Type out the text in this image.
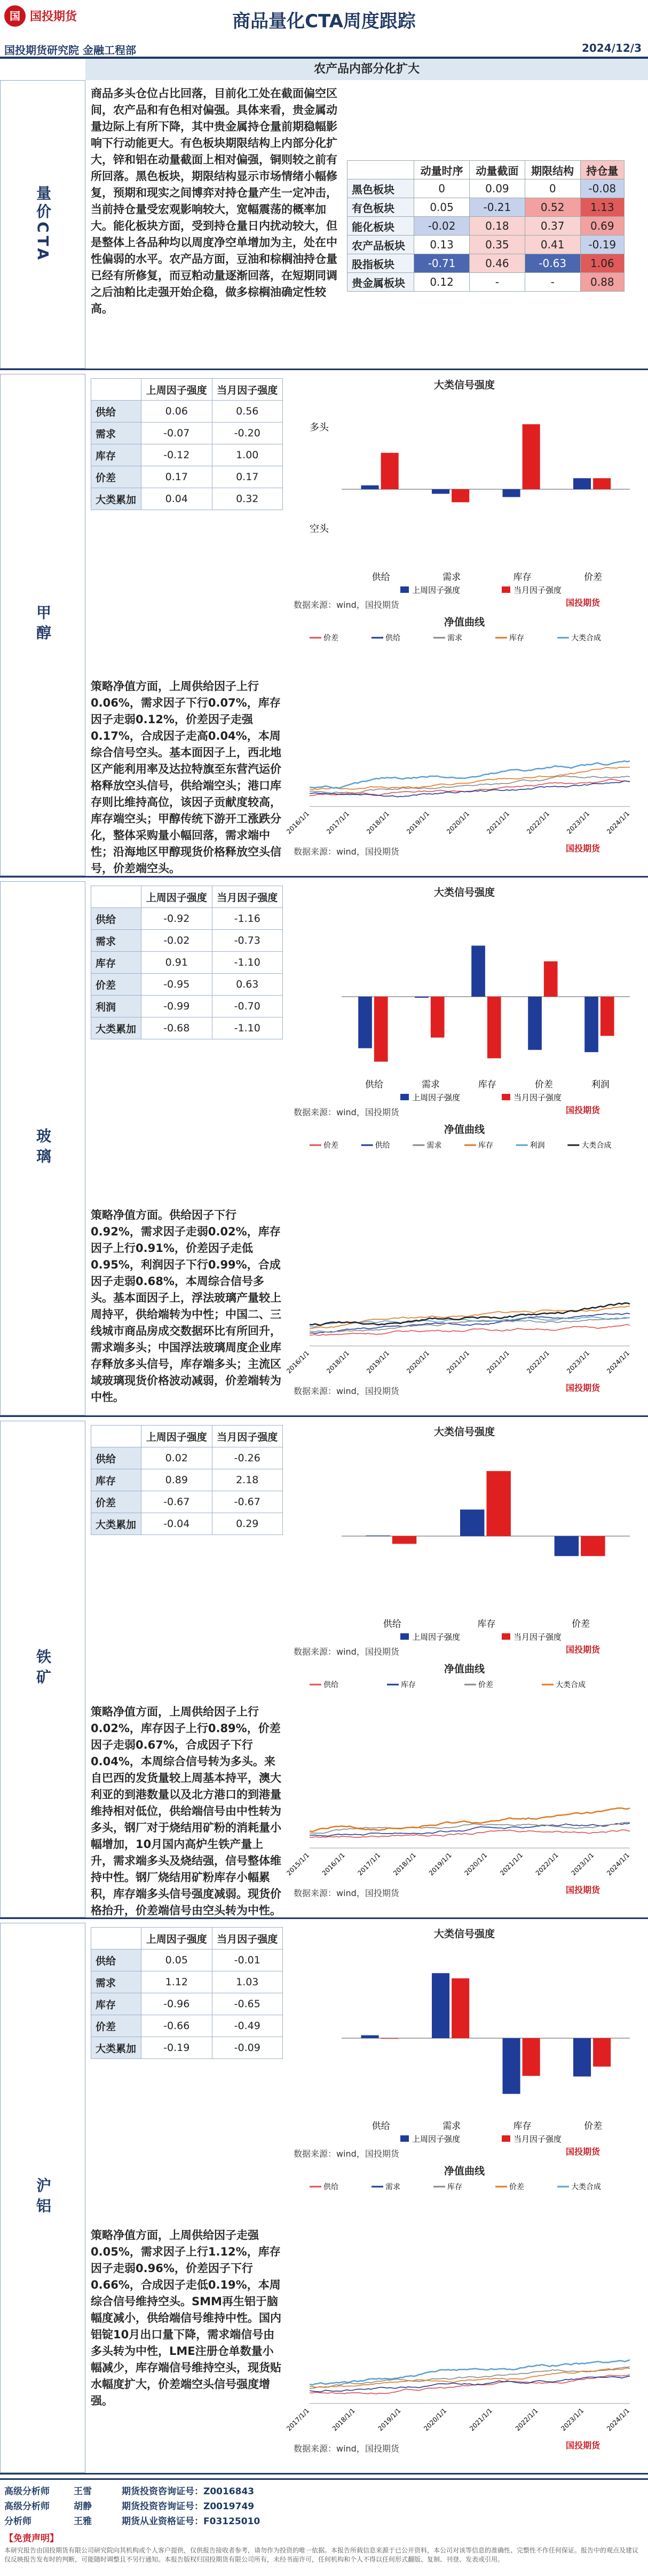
国 国投期货	商品量化CTA周度跟踪
国投期货研究院 金融工程部	2024/12/3
农产品内部分化扩大
量价CTA
商品多头仓位占比回落，目前化工处在截面偏空区间，农产品和有色相对偏强。具体来看，贵金属动量边际上有所下降，其中贵金属持仓量前期稳幅影响下行动能更大。有色板块期限结构上内部分化扩大，锌和铝在动量截面上相对偏强，铜则较之前有所回落。黑色板块，期限结构显示市场情绪小幅修复，预期和现实之间博弈对持仓量产生一定冲击，当前持仓量受宏观影响较大，宽幅震荡的概率加大。能化板块方面，受到持仓量日内扰动较大，但是整体上各品种均以周度净空单增加为主，处在中性偏弱的水平。农产品方面，豆油和棕榈油持仓量已经有所修复，而豆粕动量逐渐回落，在短期同调之后油粕比走强开始企稳，做多棕榈油确定性较高。
	动量时序	动量截面	期限结构	持仓量
黑色板块	0	0.09	0	-0.08
有色板块	0.05	-0.21	0.52	1.13
能化板块	-0.02	0.18	0.37	0.69
农产品板块	0.13	0.35	0.41	-0.19
股指板块	-0.71	0.46	-0.63	1.06
贵金属板块	0.12	-	-	0.88
甲醇
	上周因子强度	当月因子强度
供给	0.06	0.56
需求	-0.07	-0.20
库存	-0.12	1.00
价差	0.17	0.17
大类累加	0.04	0.32
策略净值方面，上周供给因子上行0.06%，需求因子下行0.07%，库存因子走弱0.12%，价差因子走强0.17%，合成因子走高0.04%，本周综合信号空头。基本面因子上，西北地区产能利用率及达拉特旗至东营汽运价格释放空头信号，供给端空头；港口库存则比维持高位，该因子贡献度较高，库存端空头；甲醇传统下游开工涨跌分化，整体采购量小幅回落，需求端中性；沿海地区甲醇现货价格释放空头信号，价差端空头。
大类信号强度
多头
空头
供给	需求	库存	价差
上周因子强度	当月因子强度
数据来源：wind，国投期货	国投期货
净值曲线
价差	供给	需求	库存	大类合成
2016/1/1 2017/1/1 2018/1/1 2019/1/1 2020/1/1 2021/1/1 2022/1/1 2023/1/1 2024/1/1
数据来源：wind，国投期货	国投期货
玻璃
	上周因子强度	当月因子强度
供给	-0.92	-1.16
需求	-0.02	-0.73
库存	0.91	-1.10
价差	-0.95	0.63
利润	-0.99	-0.70
大类累加	-0.68	-1.10
策略净值方面。供给因子下行0.92%，需求因子走弱0.02%，库存因子上行0.91%，价差因子走低0.95%，利润因子下行0.99%，合成因子走弱0.68%，本周综合信号多头。基本面因子上，浮法玻璃产量较上周持平，供给端转为中性；中国二、三线城市商品房成交数据环比有所回升，需求端多头；中国浮法玻璃周度企业库存释放多头信号，库存端多头；主流区域玻璃现货价格波动减弱，价差端转为中性。
大类信号强度
供给	需求	库存	价差	利润
上周因子强度	当月因子强度
数据来源：wind，国投期货	国投期货
净值曲线
价差	供给	需求	库存	利润	大类合成
2016/1/1 2018/1/1 2019/1/1 2020/1/1 2021/1/1 2021/1/1 2022/1/1 2023/1/1 2024/1/1
数据来源：wind，国投期货	国投期货
铁矿
	上周因子强度	当月因子强度
供给	0.02	-0.26
库存	0.89	2.18
价差	-0.67	-0.67
大类累加	-0.04	0.29
策略净值方面，上周供给因子上行0.02%，库存因子上行0.89%，价差因子走弱0.67%，合成因子下行0.04%，本周综合信号转为多头。来自巴西的发货量较上周基本持平，澳大利亚的到港数量以及北方港口的到港量维持相对低位，供给端信号由中性转为多头，钢厂对于烧结用矿粉的消耗量小幅增加，10月国内高炉生铁产量上升，需求端多头及烧结强，信号整体维持中性。钢厂烧结用矿粉库存小幅累积，库存端多头信号强度减弱。现货价格抬升，价差端信号由空头转为中性。
大类信号强度
供给	库存	价差
上周因子强度	当月因子强度
数据来源：wind，国投期货	国投期货
净值曲线
供给	库存	价差	大类合成
2015/1/1 2016/1/1 2017/1/1 2018/1/1 2019/1/1 2020/1/1 2021/1/1 2022/1/1 2023/1/1 2024/1/1
数据来源：wind，国投期货	国投期货
沪铝
	上周因子强度	当月因子强度
供给	0.05	-0.01
需求	1.12	1.03
库存	-0.96	-0.65
价差	-0.66	-0.49
大类累加	-0.19	-0.09
策略净值方面，上周供给因子走强0.05%，需求因子上行1.12%，库存因子走弱0.96%，价差因子下行0.66%，合成因子走低0.19%，本周综合信号维持空头。SMM再生铝于脑幅度减小，供给端信号维持中性。国内铝锭10月出口量下降，需求端信号由多头转为中性，LME注册仓单数量小幅减少，库存端信号维持空头，现货贴水幅度扩大，价差端空头信号强度增强。
大类信号强度
供给	需求	库存	价差
上周因子强度	当月因子强度
数据来源：wind，国投期货	国投期货
净值曲线
供给	需求	库存	价差	大类合成
2017/1/1	2018/1/1	2019/1/1	2020/1/1	2021/1/1	2022/1/1	2023/1/1	2024/1/1
数据来源：wind，国投期货	国投期货
高级分析师	王雪	期货投资咨询证号：Z0016843
高级分析师	胡静	期货投资咨询证号：Z0019749
分析师	王雅	期货从业资格证号：F03125010
【免责声明】
本研究报告由国投期货有限公司研究院向其机构或个人客户提供，仅供报告接收者参考，请勿作为投资的唯一依据。本报告所载信息来源于已公开资料，本公司对该等信息的准确性、完整性不作任何保证。报告中的观点及建议仅反映报告发布时的判断，可能随时调整且不另行通知。本报告版权归国投期货有限公司所有，未经书面许可，任何机构和个人不得以任何形式翻版、复制、刊登、发表或引用。
